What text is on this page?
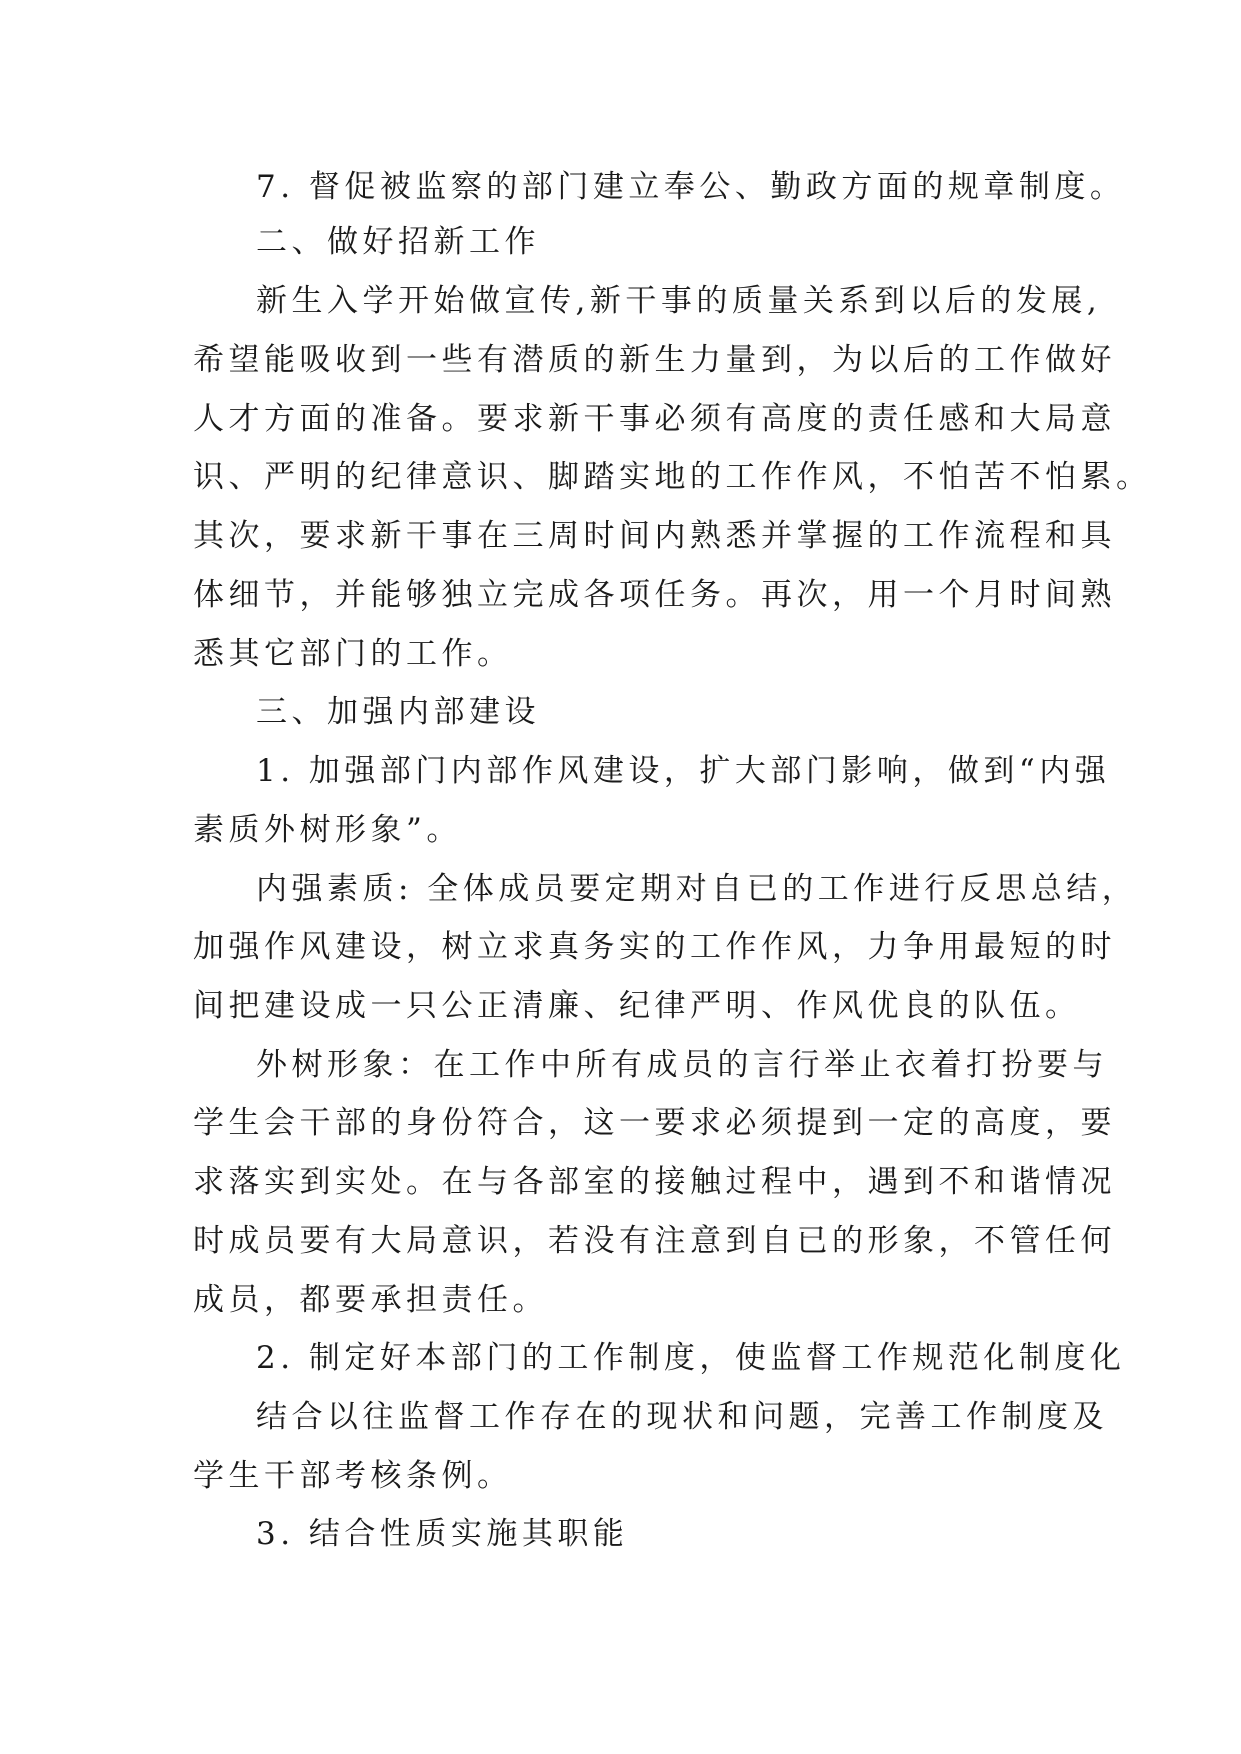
7. 督促被监察的部门建立奉公、勤政方面的规章制度。
二、做好招新工作
新生入学开始做宣传,新干事的质量关系到以后的发展,
希望能吸收到一些有潜质的新生力量到，为以后的工作做好
人才方面的准备。要求新干事必须有高度的责任感和大局意
识、严明的纪律意识、脚踏实地的工作作风，不怕苦不怕累。
其次，要求新干事在三周时间内熟悉并掌握的工作流程和具
体细节，并能够独立完成各项任务。再次，用一个月时间熟
悉其它部门的工作。
三、加强内部建设
1. 加强部门内部作风建设，扩大部门影响，做到“内强
素质外树形象”。
内强素质: 全体成员要定期对自已的工作进行反思总结，
加强作风建设，树立求真务实的工作作风，力争用最短的时
间把建设成一只公正清廉、纪律严明、作风优良的队伍。
外树形象：在工作中所有成员的言行举止衣着打扮要与
学生会干部的身份符合，这一要求必须提到一定的高度，要
求落实到实处。在与各部室的接触过程中，遇到不和谐情况
时成员要有大局意识，若没有注意到自已的形象，不管任何
成员，都要承担责任。
2. 制定好本部门的工作制度，使监督工作规范化制度化
结合以往监督工作存在的现状和问题，完善工作制度及
学生干部考核条例。
3. 结合性质实施其职能
